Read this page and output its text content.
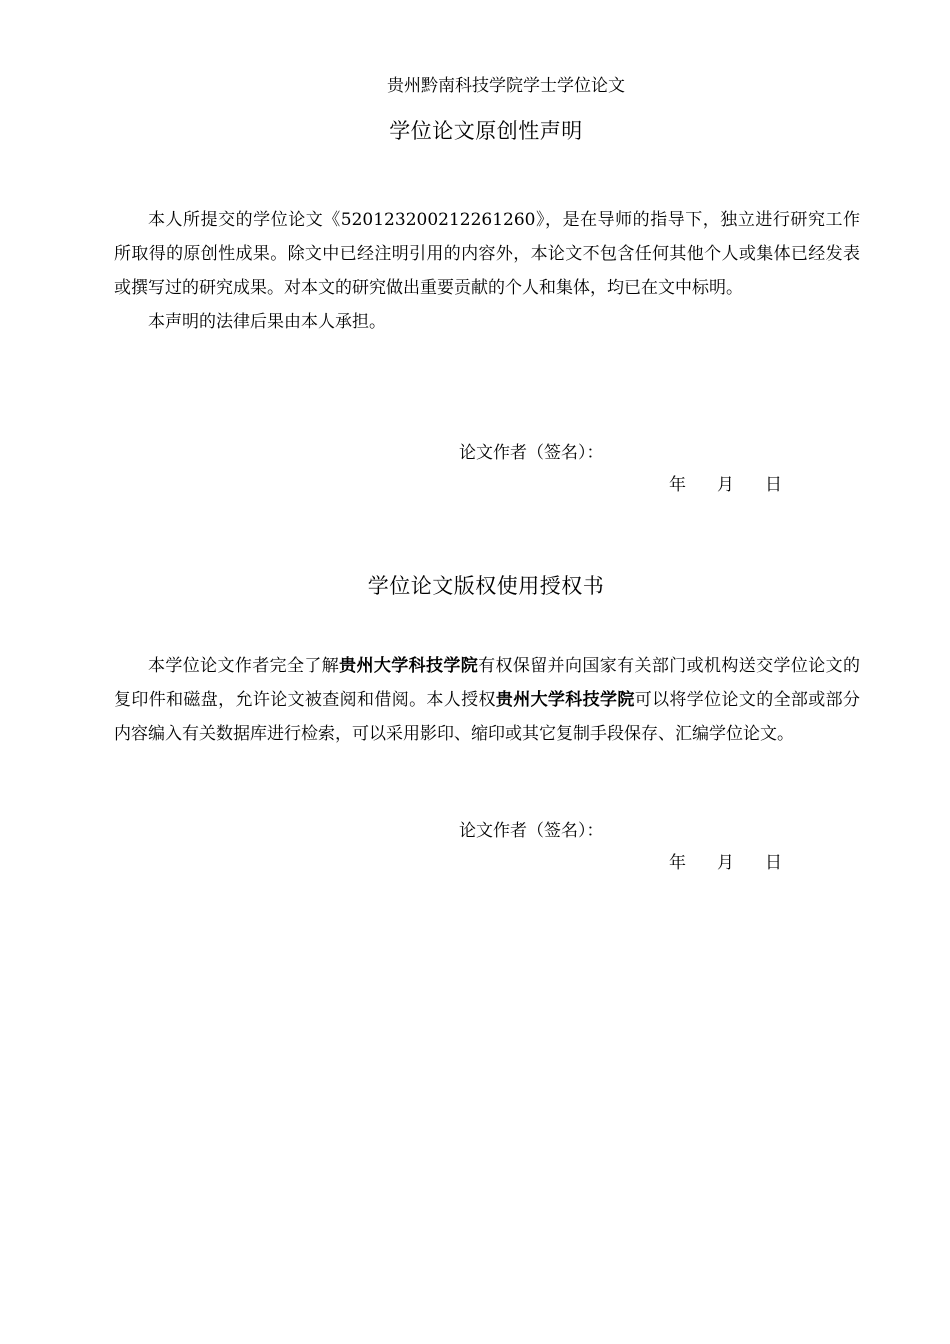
贵州黔南科技学院学士学位论文
学位论文原创性声明

本人所提交的学位论文《520123200212261260》，是在导师的指导下，独立进行研究工作所取得的原创性成果。除文中已经注明引用的内容外，本论文不包含任何其他个人或集体已经发表或撰写过的研究成果。对本文的研究做出重要贡献的个人和集体，均已在文中标明。

本声明的法律后果由本人承担。

论文作者（签名）：
年 月 日
学位论文版权使用授权书

本学位论文作者完全了解贵州大学科技学院有权保留并向国家有关部门或机构送交学位论文的复印件和磁盘，允许论文被查阅和借阅。本人授权贵州大学科技学院可以将学位论文的全部或部分内容编入有关数据库进行检索，可以采用影印、缩印或其它复制手段保存、汇编学位论文。

论文作者（签名）：
年 月 日
